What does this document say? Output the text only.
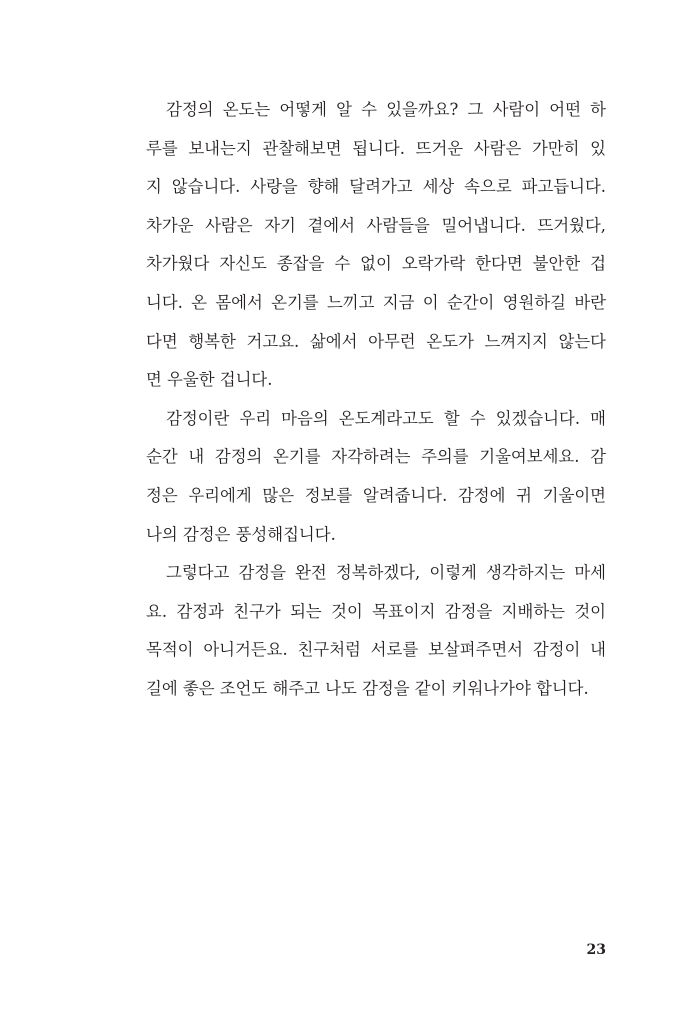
감정의 온도는 어떻게 알 수 있을까요? 그 사람이 어떤 하
루를 보내는지 관찰해보면 됩니다. 뜨거운 사람은 가만히 있
지 않습니다. 사랑을 향해 달려가고 세상 속으로 파고듭니다.
차가운 사람은 자기 곁에서 사람들을 밀어냅니다. 뜨거웠다,
차가웠다 자신도 종잡을 수 없이 오락가락 한다면 불안한 겁
니다. 온 몸에서 온기를 느끼고 지금 이 순간이 영원하길 바란
다면 행복한 거고요. 삶에서 아무런 온도가 느껴지지 않는다
면 우울한 겁니다.
감정이란 우리 마음의 온도계라고도 할 수 있겠습니다. 매
순간 내 감정의 온기를 자각하려는 주의를 기울여보세요. 감
정은 우리에게 많은 정보를 알려줍니다. 감정에 귀 기울이면
나의 감정은 풍성해집니다.
그렇다고 감정을 완전 정복하겠다, 이렇게 생각하지는 마세
요. 감정과 친구가 되는 것이 목표이지 감정을 지배하는 것이
목적이 아니거든요. 친구처럼 서로를 보살펴주면서 감정이 내
길에 좋은 조언도 해주고 나도 감정을 같이 키워나가야 합니다.
23
